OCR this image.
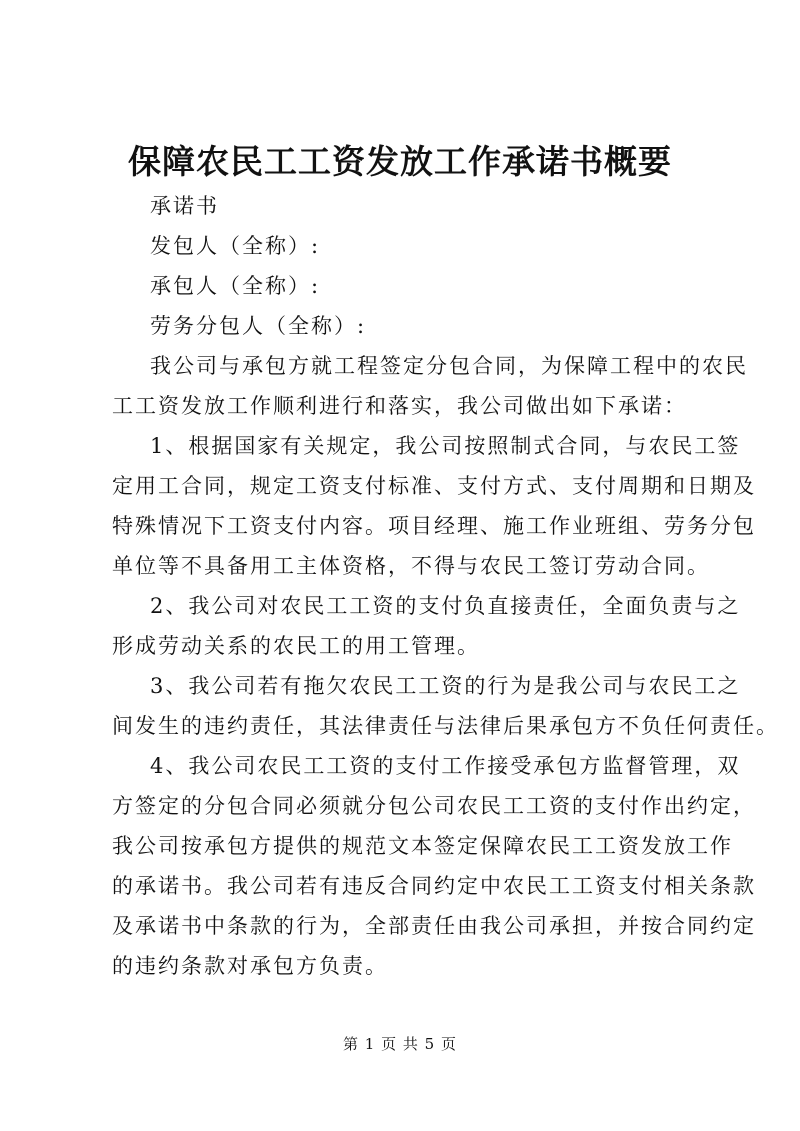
保障农民工工资发放工作承诺书概要

承诺书

发包人（全称）:

承包人（全称）:

劳务分包人（全称）:

我公司与承包方就工程签定分包合同，为保障工程中的农民

工工资发放工作顺利进行和落实，我公司做出如下承诺：

1、根据国家有关规定，我公司按照制式合同，与农民工签

定用工合同，规定工资支付标准、支付方式、支付周期和日期及

特殊情况下工资支付内容。项目经理、施工作业班组、劳务分包

单位等不具备用工主体资格，不得与农民工签订劳动合同。

2、我公司对农民工工资的支付负直接责任，全面负责与之

形成劳动关系的农民工的用工管理。

3、我公司若有拖欠农民工工资的行为是我公司与农民工之

间发生的违约责任，其法律责任与法律后果承包方不负任何责任。

4、我公司农民工工资的支付工作接受承包方监督管理，双

方签定的分包合同必须就分包公司农民工工资的支付作出约定，

我公司按承包方提供的规范文本签定保障农民工工资发放工作

的承诺书。我公司若有违反合同约定中农民工工资支付相关条款

及承诺书中条款的行为，全部责任由我公司承担，并按合同约定

的违约条款对承包方负责。

第 1 页 共 5 页
